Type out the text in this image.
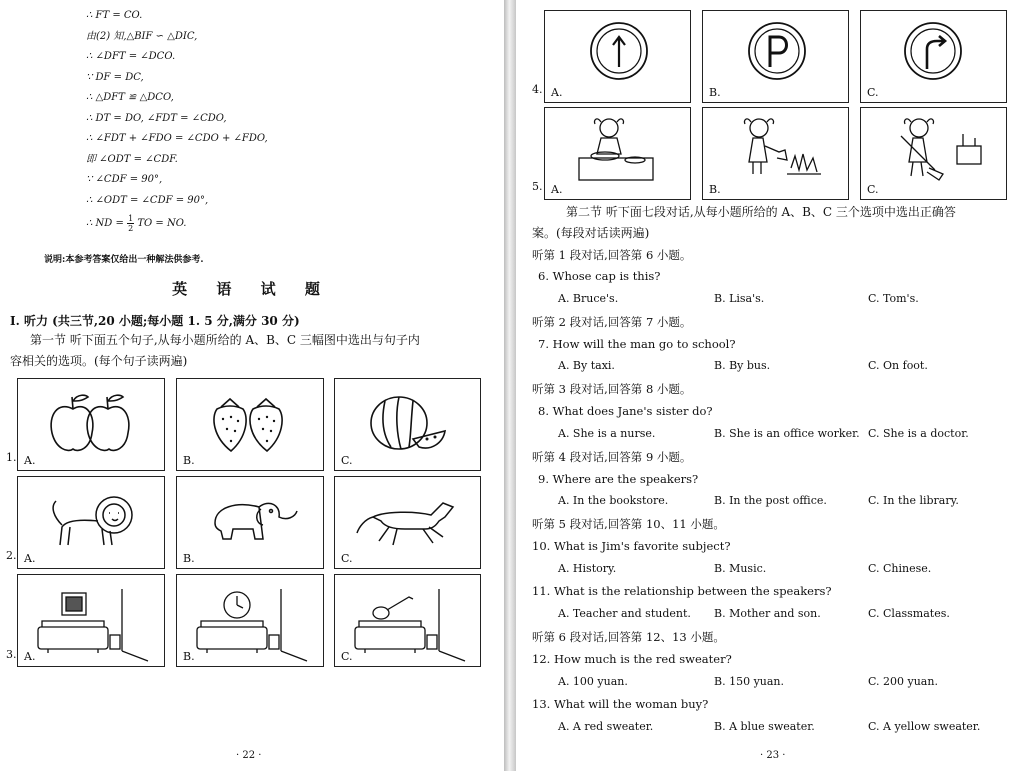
∴ FT = CO.
由(2) 知,△BIF ∽ △DIC,
∴ ∠DFT = ∠DCO.
∵ DF = DC,
∴ △DFT ≌ △DCO,
∴ DT = DO, ∠FDT = ∠CDO,
∴ ∠FDT + ∠FDO = ∠CDO + ∠FDO,
即 ∠ODT = ∠CDF.
∵ ∠CDF = 90°,
∴ ∠ODT = ∠CDF = 90°,
∴ ND = $\frac{1}{2}$ TO = NO.
说明:本参考答案仅给出一种解法供参考.
英 语 试 题
Ⅰ. 听力 (共三节,20 小题;每小题 1. 5 分,满分 30 分)
第一节 听下面五个句子,从每小题所给的 A、B、C 三幅图中选出与句子内
容相关的选项。(每个句子读两遍)
1. A.	B.	C.
2. A.	B.	C.
3. A.	B.	C.
· 22 ·
4. A.	B.	C.
5. A.	B.	C.
第二节 听下面七段对话,从每小题所给的 A、B、C 三个选项中选出正确答
案。(每段对话读两遍)
听第 1 段对话,回答第 6 小题。
6. Whose cap is this?
A. Bruce's.	B. Lisa's.	C. Tom's.
听第 2 段对话,回答第 7 小题。
7. How will the man go to school?
A. By taxi.	B. By bus.	C. On foot.
听第 3 段对话,回答第 8 小题。
8. What does Jane's sister do?
A. She is a nurse.	B. She is an office worker. C. She is a doctor.
听第 4 段对话,回答第 9 小题。
9. Where are the speakers?
A. In the bookstore.	B. In the post office.	C. In the library.
听第 5 段对话,回答第 10、11 小题。
10. What is Jim's favorite subject?
A. History.	B. Music.	C. Chinese.
11. What is the relationship between the speakers?
A. Teacher and student. B. Mother and son.	C. Classmates.
听第 6 段对话,回答第 12、13 小题。
12. How much is the red sweater?
A. 100 yuan.	B. 150 yuan.	C. 200 yuan.
13. What will the woman buy?
A. A red sweater.	B. A blue sweater.	C. A yellow sweater.
· 23 ·
